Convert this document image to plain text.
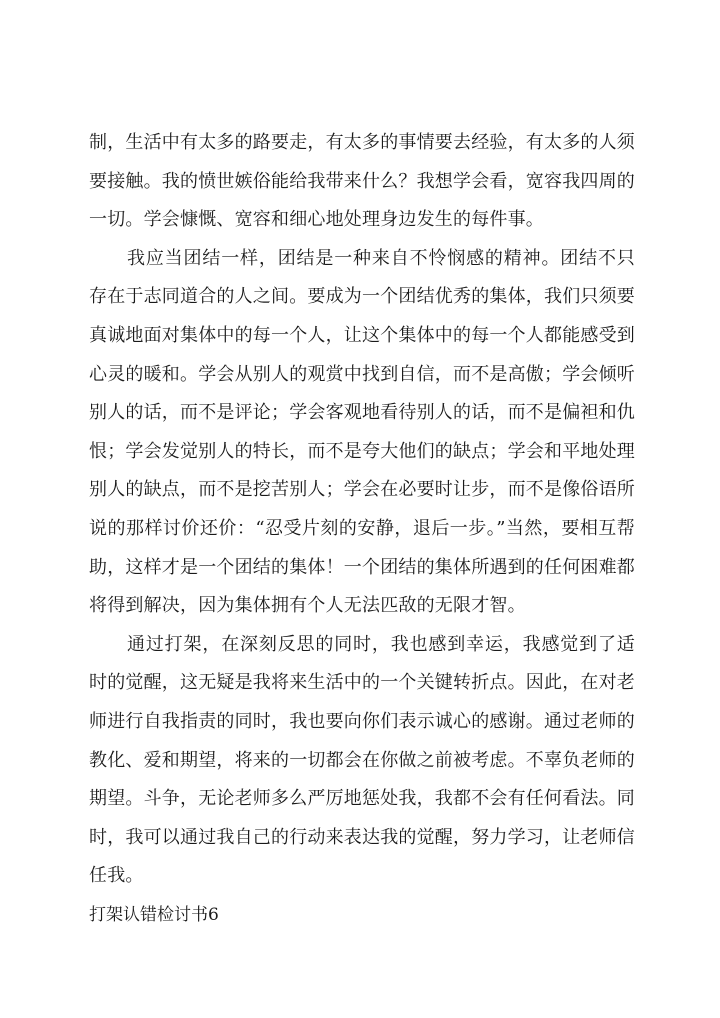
制，生活中有太多的路要走，有太多的事情要去经验，有太多的人须要接触。我的愤世嫉俗能给我带来什么？我想学会看，宽容我四周的一切。学会慷慨、宽容和细心地处理身边发生的每件事。

我应当团结一样，团结是一种来自不怜悯感的精神。团结不只存在于志同道合的人之间。要成为一个团结优秀的集体，我们只须要真诚地面对集体中的每一个人，让这个集体中的每一个人都能感受到心灵的暖和。学会从别人的观赏中找到自信，而不是高傲；学会倾听别人的话，而不是评论；学会客观地看待别人的话，而不是偏袒和仇恨；学会发觉别人的特长，而不是夸大他们的缺点；学会和平地处理别人的缺点，而不是挖苦别人；学会在必要时让步，而不是像俗语所说的那样讨价还价：“忍受片刻的安静，退后一步。”当然，要相互帮助，这样才是一个团结的集体！一个团结的集体所遇到的任何困难都将得到解决，因为集体拥有个人无法匹敌的无限才智。

通过打架，在深刻反思的同时，我也感到幸运，我感觉到了适时的觉醒，这无疑是我将来生活中的一个关键转折点。因此，在对老师进行自我指责的同时，我也要向你们表示诚心的感谢。通过老师的教化、爱和期望，将来的一切都会在你做之前被考虑。不辜负老师的期望。斗争，无论老师多么严厉地惩处我，我都不会有任何看法。同时，我可以通过我自己的行动来表达我的觉醒，努力学习，让老师信任我。

打架认错检讨书6
